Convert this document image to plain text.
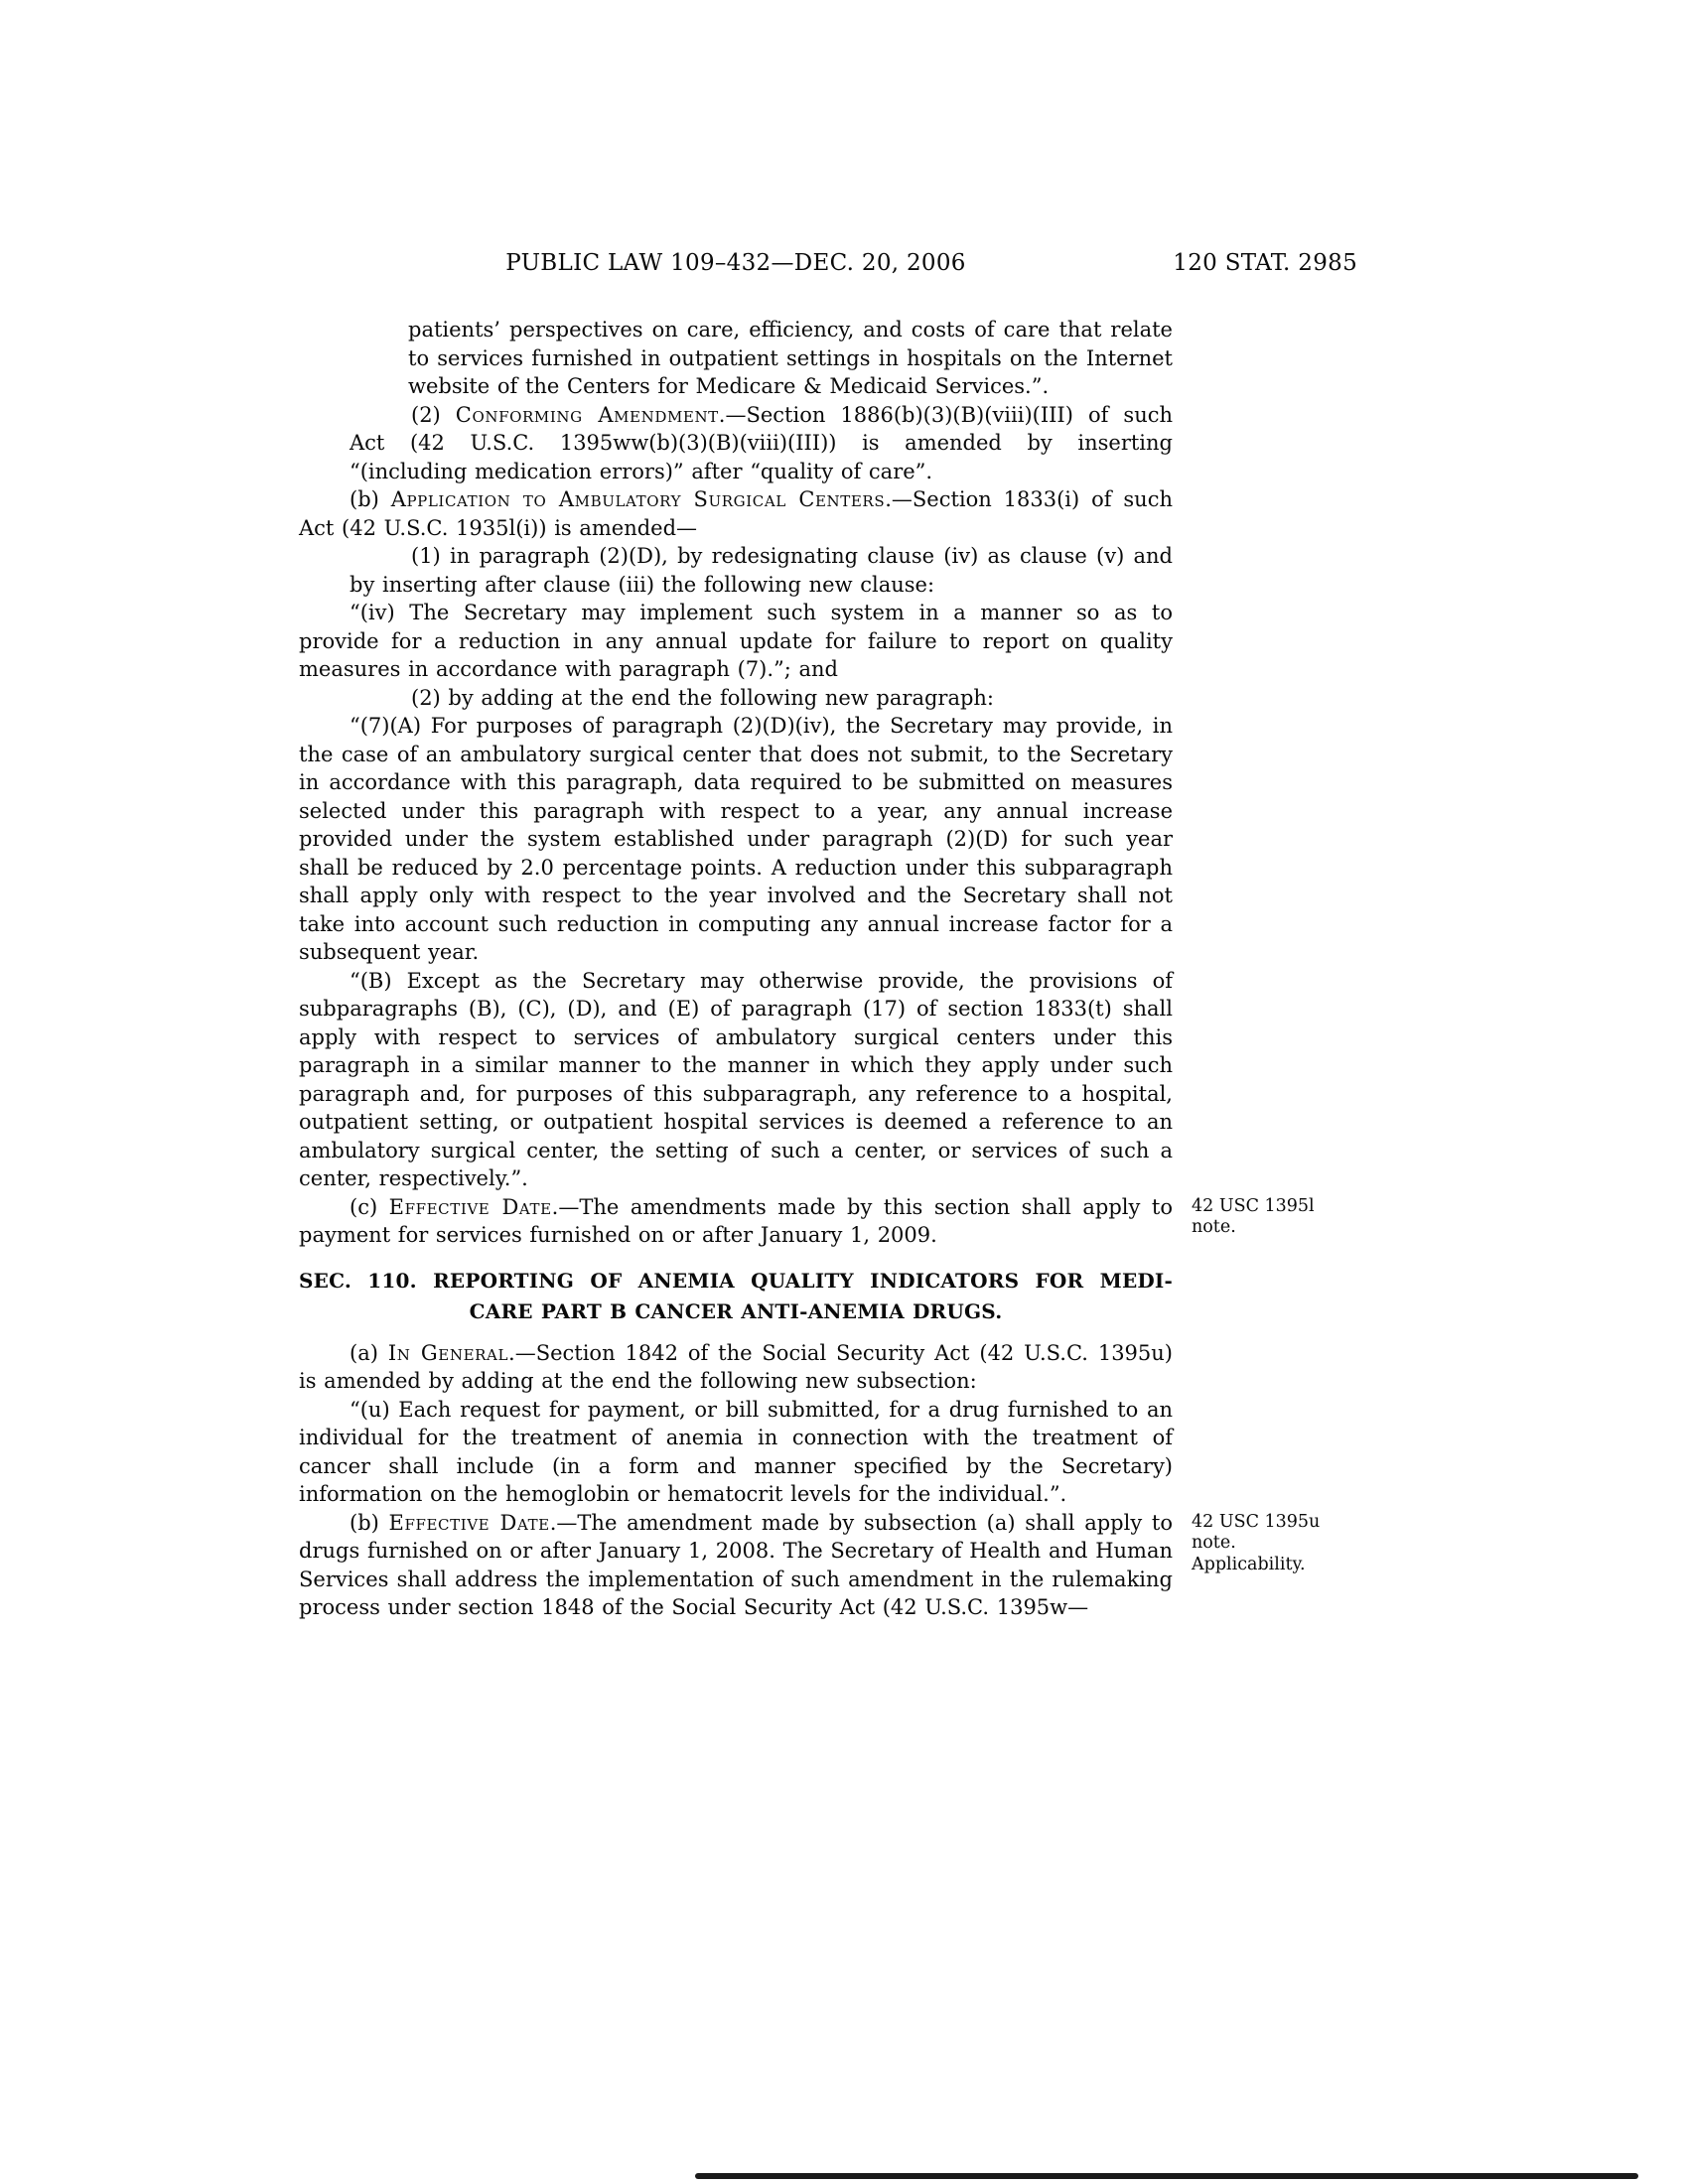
PUBLIC LAW 109–432—DEC. 20, 2006	120 STAT. 2985

patients’ perspectives on care, efficiency, and costs of care that relate to services furnished in outpatient settings in hospitals on the Internet website of the Centers for Medicare & Medicaid Services.”.

(2) Conforming Amendment.—Section 1886(b)(3)(B)(viii)(III) of such Act (42 U.S.C. 1395ww(b)(3)(B)(viii)(III)) is amended by inserting “(including medication errors)” after “quality of care”.

(b) Application to Ambulatory Surgical Centers.—Section 1833(i) of such Act (42 U.S.C. 1935l(i)) is amended—

(1) in paragraph (2)(D), by redesignating clause (iv) as clause (v) and by inserting after clause (iii) the following new clause:

“(iv) The Secretary may implement such system in a manner so as to provide for a reduction in any annual update for failure to report on quality measures in accordance with paragraph (7).”; and

(2) by adding at the end the following new paragraph:

“(7)(A) For purposes of paragraph (2)(D)(iv), the Secretary may provide, in the case of an ambulatory surgical center that does not submit, to the Secretary in accordance with this paragraph, data required to be submitted on measures selected under this paragraph with respect to a year, any annual increase provided under the system established under paragraph (2)(D) for such year shall be reduced by 2.0 percentage points. A reduction under this subparagraph shall apply only with respect to the year involved and the Secretary shall not take into account such reduction in computing any annual increase factor for a subsequent year.

“(B) Except as the Secretary may otherwise provide, the provisions of subparagraphs (B), (C), (D), and (E) of paragraph (17) of section 1833(t) shall apply with respect to services of ambulatory surgical centers under this paragraph in a similar manner to the manner in which they apply under such paragraph and, for purposes of this subparagraph, any reference to a hospital, outpatient setting, or outpatient hospital services is deemed a reference to an ambulatory surgical center, the setting of such a center, or services of such a center, respectively.”.

(c) Effective Date.—The amendments made by this section shall apply to payment for services furnished on or after January 1, 2009.

SEC. 110. REPORTING OF ANEMIA QUALITY INDICATORS FOR MEDI-
CARE PART B CANCER ANTI-ANEMIA DRUGS.

(a) In General.—Section 1842 of the Social Security Act (42 U.S.C. 1395u) is amended by adding at the end the following new subsection:

“(u) Each request for payment, or bill submitted, for a drug furnished to an individual for the treatment of anemia in connection with the treatment of cancer shall include (in a form and manner specified by the Secretary) information on the hemoglobin or hematocrit levels for the individual.”.

(b) Effective Date.—The amendment made by subsection (a) shall apply to drugs furnished on or after January 1, 2008. The Secretary of Health and Human Services shall address the implementation of such amendment in the rulemaking process under section 1848 of the Social Security Act (42 U.S.C. 1395w—

42 USC 1395l
note.
42 USC 1395u
note.
Applicability.
